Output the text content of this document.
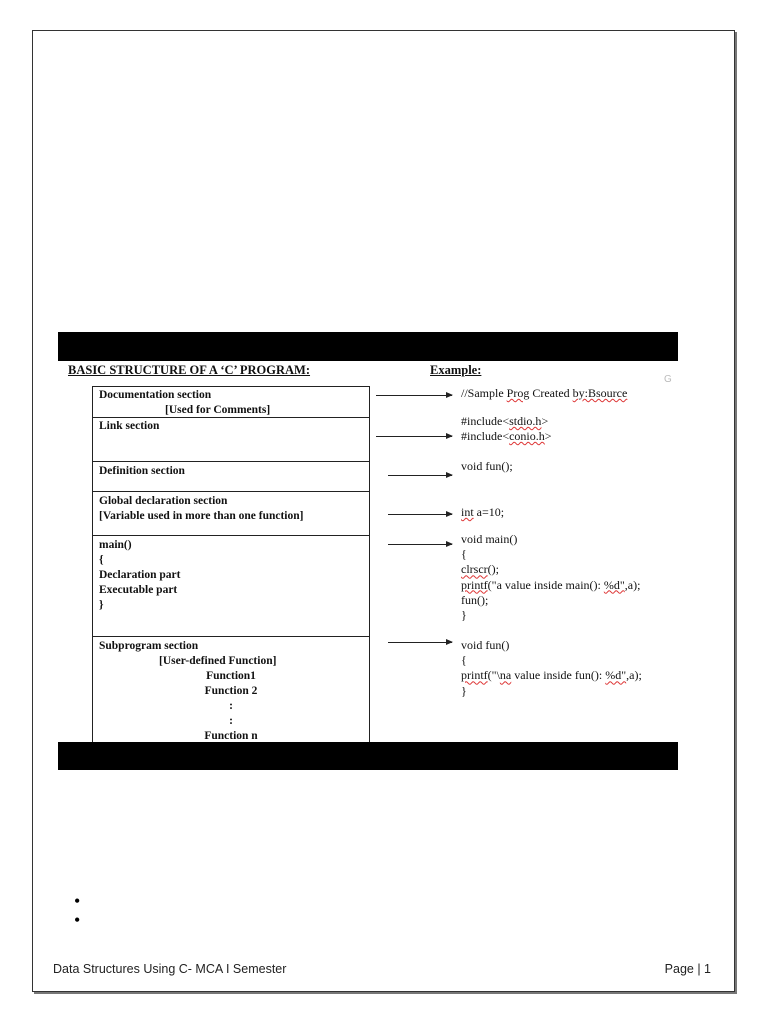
BASIC STRUCTURE OF A ‘C’ PROGRAM:	Example:
G
Documentation section
[Used for Comments]
Link section
Definition section
Global declaration section
[Variable used in more than one function]
main()
{
Declaration part
Executable part
}
Subprogram section
[User-defined Function]
Function1
Function 2
:
:
Function n
//Sample Prog Created by:Bsource
#include<stdio.h>
#include<conio.h>
void fun();
int a=10;
void main()
{
clrscr();
printf("a value inside main(): %d",a);
fun();
}
void fun()
{
printf("\na value inside fun(): %d",a);
}
•
•
Data Structures Using C- MCA I Semester	Page | 1
